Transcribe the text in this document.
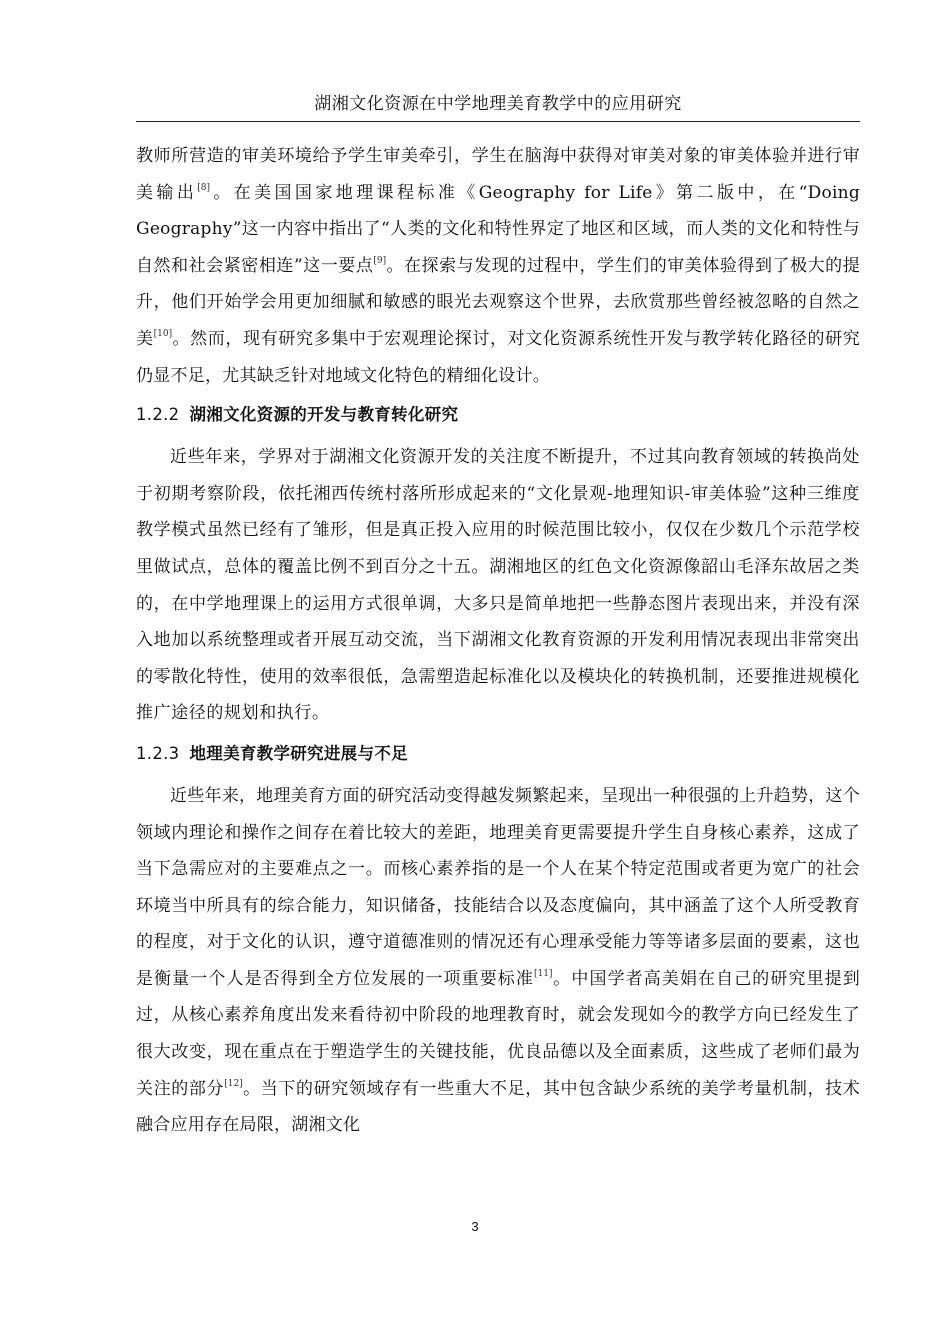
湖湘文化资源在中学地理美育教学中的应用研究

教师所营造的审美环境给予学生审美牵引，学生在脑海中获得对审美对象的审美体验并进行审美输出[8]。在美国国家地理课程标准《Geography for Life》第二版中，在“Doing Geography”这一内容中指出了“人类的文化和特性界定了地区和区域，而人类的文化和特性与自然和社会紧密相连”这一要点[9]。在探索与发现的过程中，学生们的审美体验得到了极大的提升，他们开始学会用更加细腻和敏感的眼光去观察这个世界，去欣赏那些曾经被忽略的自然之美[10]。然而，现有研究多集中于宏观理论探讨，对文化资源系统性开发与教学转化路径的研究仍显不足，尤其缺乏针对地域文化特色的精细化设计。

1.2.2 湖湘文化资源的开发与教育转化研究

近些年来，学界对于湖湘文化资源开发的关注度不断提升，不过其向教育领域的转换尚处于初期考察阶段，依托湘西传统村落所形成起来的“文化景观-地理知识-审美体验”这种三维度教学模式虽然已经有了雏形，但是真正投入应用的时候范围比较小，仅仅在少数几个示范学校里做试点，总体的覆盖比例不到百分之十五。湖湘地区的红色文化资源像韶山毛泽东故居之类的，在中学地理课上的运用方式很单调，大多只是简单地把一些静态图片表现出来，并没有深入地加以系统整理或者开展互动交流，当下湖湘文化教育资源的开发利用情况表现出非常突出的零散化特性，使用的效率很低，急需塑造起标准化以及模块化的转换机制，还要推进规模化推广途径的规划和执行。

1.2.3 地理美育教学研究进展与不足

近些年来，地理美育方面的研究活动变得越发频繁起来，呈现出一种很强的上升趋势，这个领域内理论和操作之间存在着比较大的差距，地理美育更需要提升学生自身核心素养，这成了当下急需应对的主要难点之一。而核心素养指的是一个人在某个特定范围或者更为宽广的社会环境当中所具有的综合能力，知识储备，技能结合以及态度偏向，其中涵盖了这个人所受教育的程度，对于文化的认识，遵守道德准则的情况还有心理承受能力等等诸多层面的要素，这也是衡量一个人是否得到全方位发展的一项重要标准[11]。中国学者高美娟在自己的研究里提到过，从核心素养角度出发来看待初中阶段的地理教育时，就会发现如今的教学方向已经发生了很大改变，现在重点在于塑造学生的关键技能，优良品德以及全面素质，这些成了老师们最为关注的部分[12]。当下的研究领域存有一些重大不足，其中包含缺少系统的美学考量机制，技术融合应用存在局限，湖湘文化

3
